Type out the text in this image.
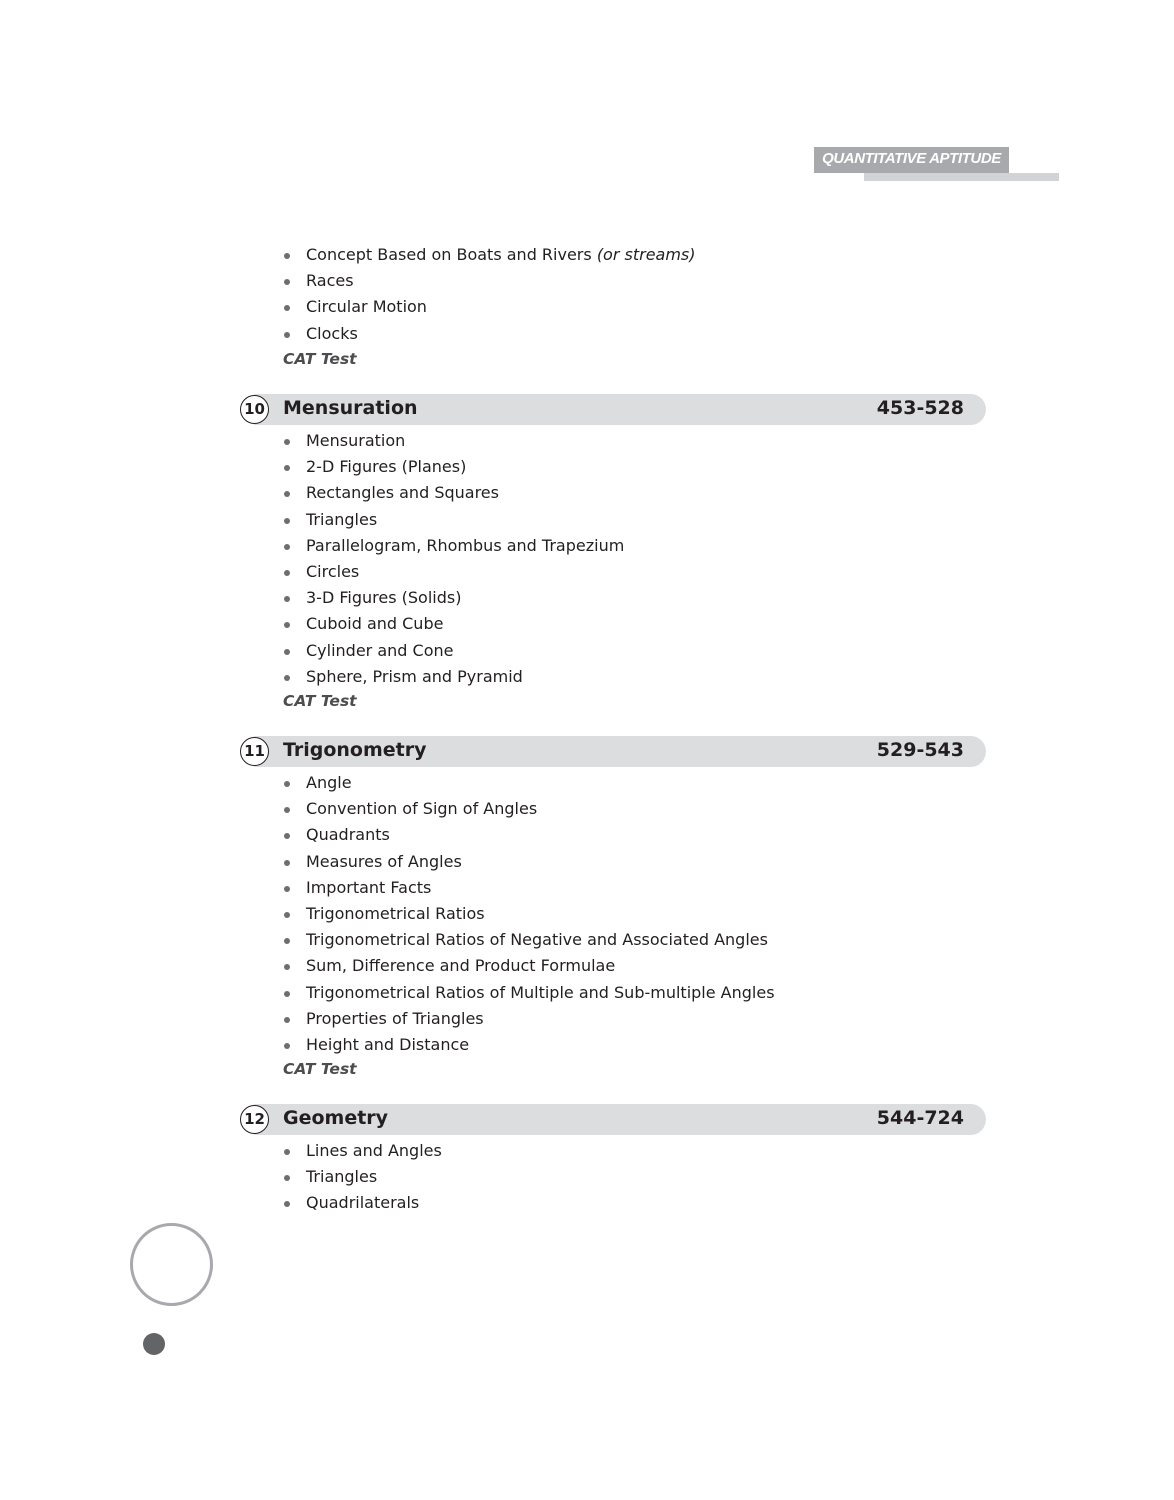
QUANTITATIVE APTITUDE
Concept Based on Boats and Rivers (or streams)
Races
Circular Motion
Clocks
CAT Test
10 Mensuration	453-528
Mensuration
2-D Figures (Planes)
Rectangles and Squares
Triangles
Parallelogram, Rhombus and Trapezium
Circles
3-D Figures (Solids)
Cuboid and Cube
Cylinder and Cone
Sphere, Prism and Pyramid
CAT Test
11 Trigonometry	529-543
Angle
Convention of Sign of Angles
Quadrants
Measures of Angles
Important Facts
Trigonometrical Ratios
Trigonometrical Ratios of Negative and Associated Angles
Sum, Difference and Product Formulae
Trigonometrical Ratios of Multiple and Sub-multiple Angles
Properties of Triangles
Height and Distance
CAT Test
12 Geometry	544-724
Lines and Angles
Triangles
Quadrilaterals
